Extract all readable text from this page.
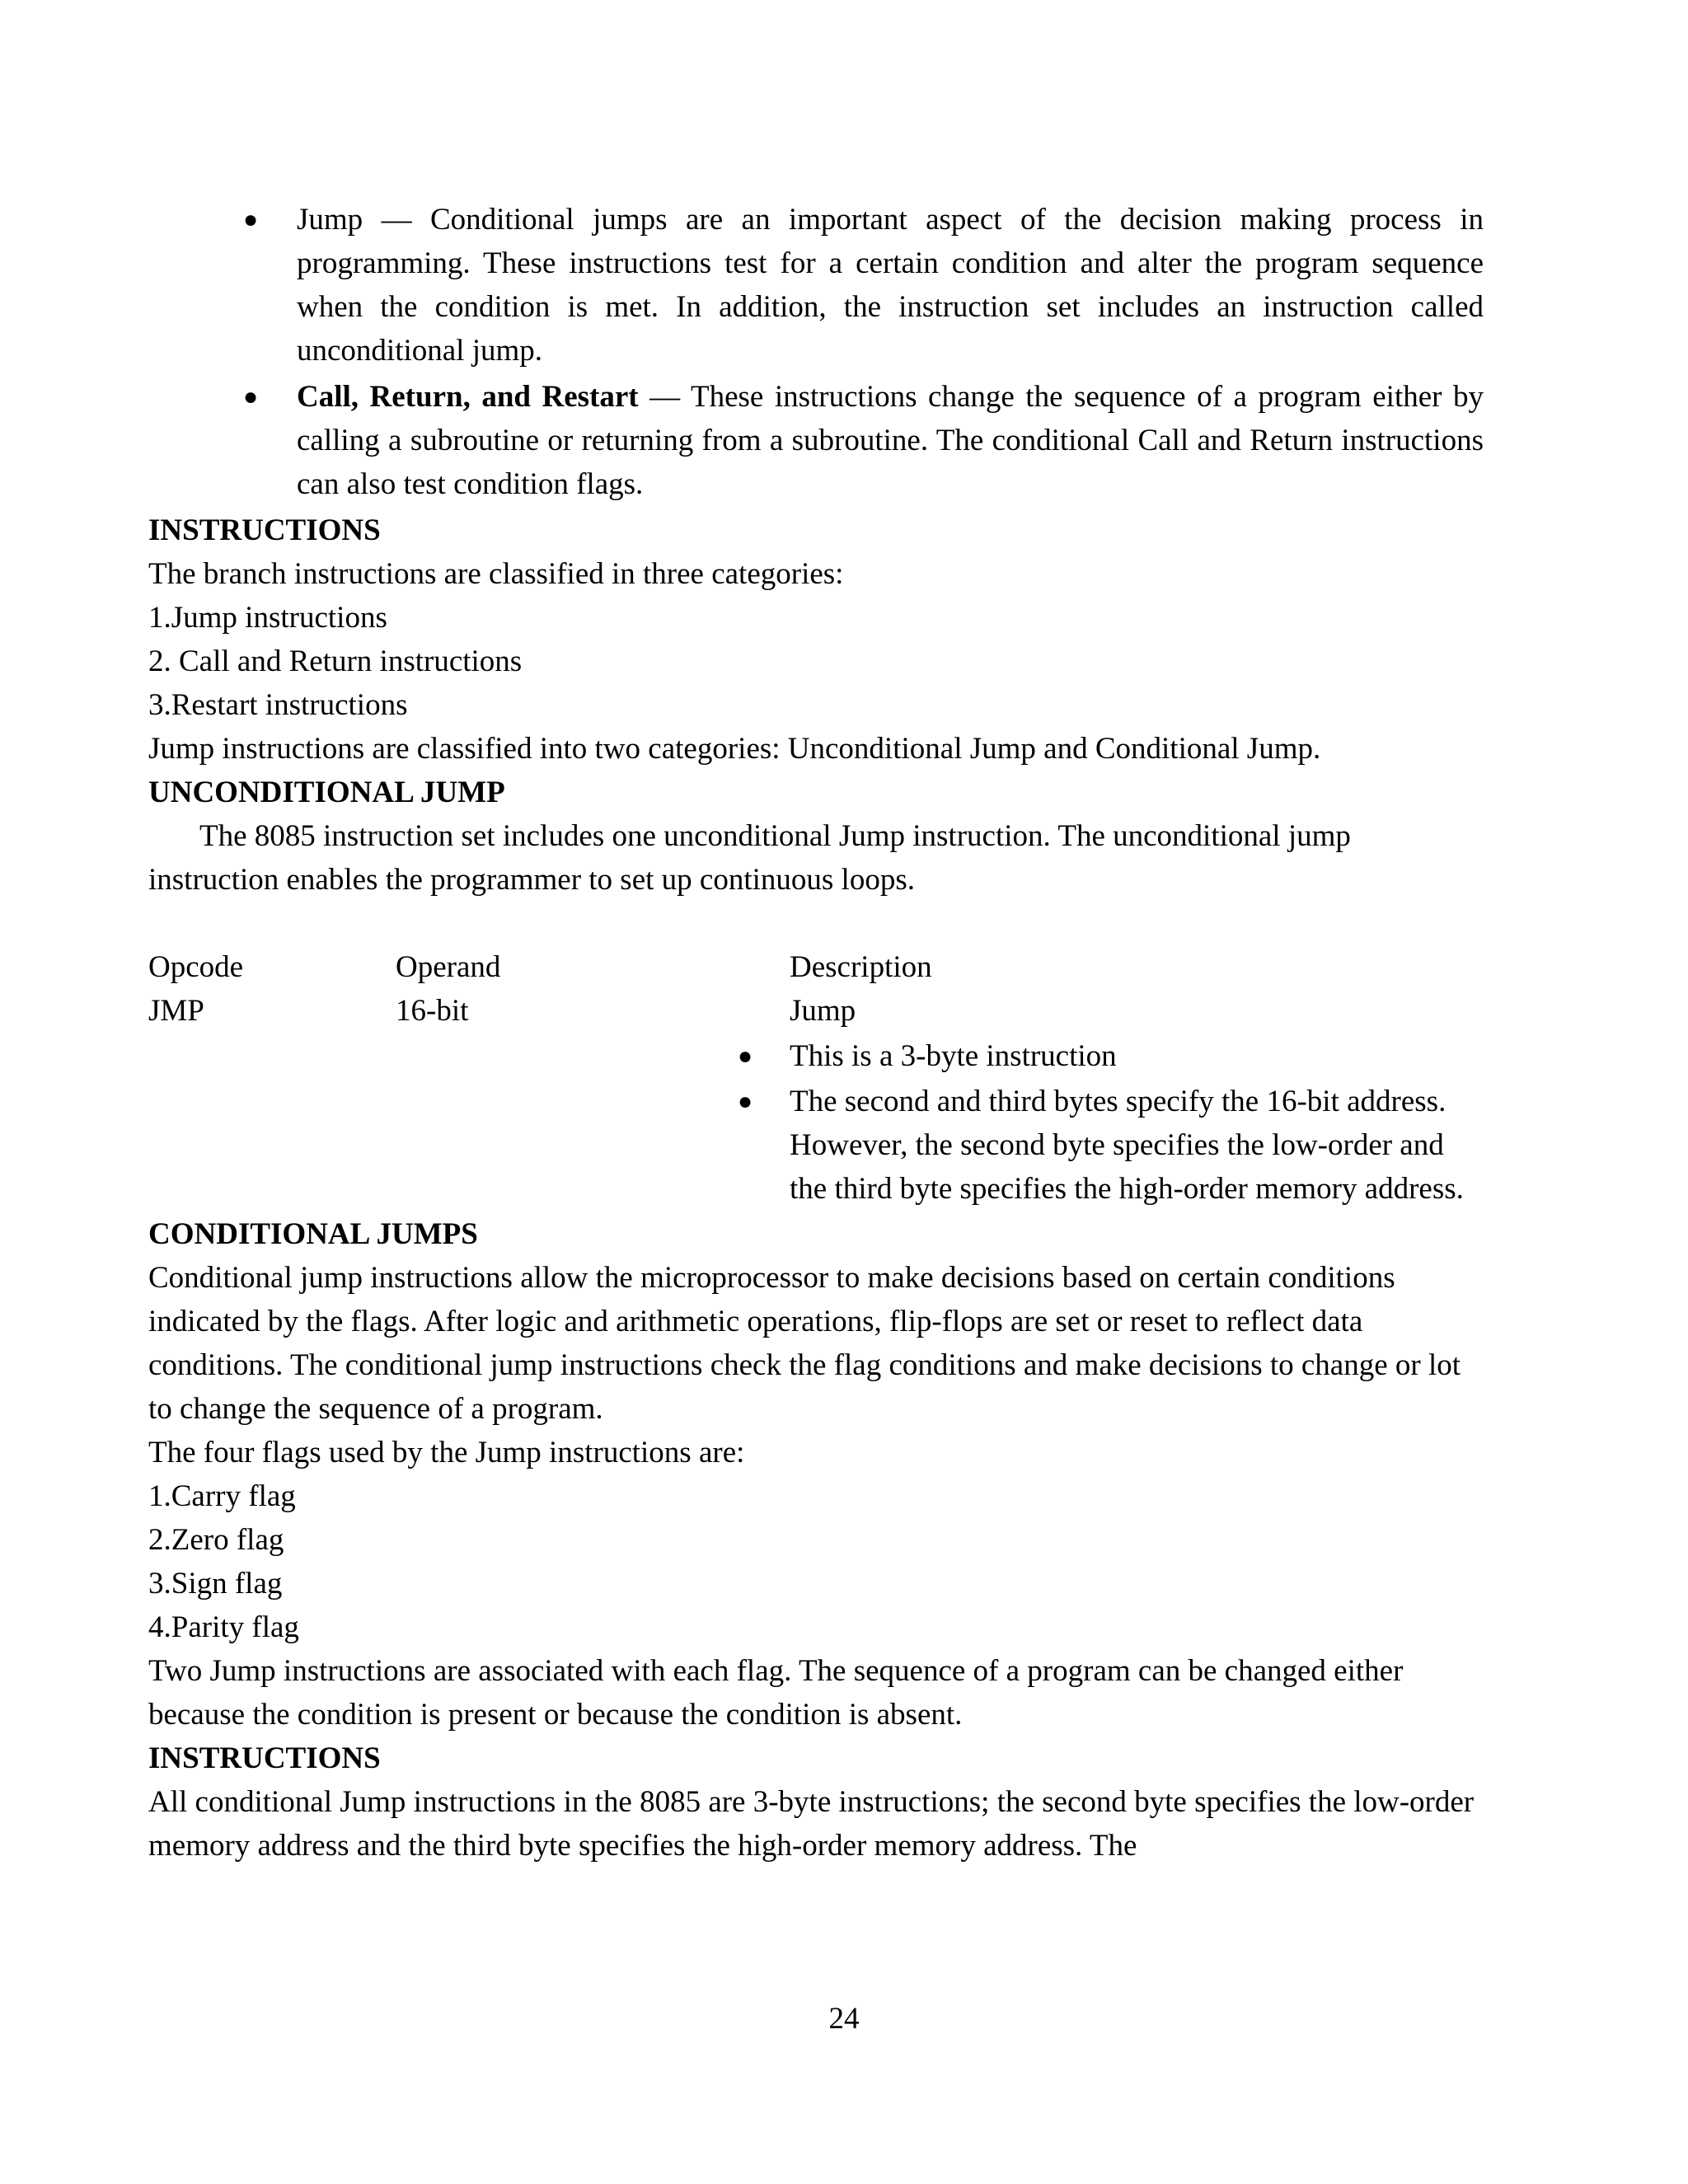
● Jump — Conditional jumps are an important aspect of the decision making process in programming. These instructions test for a certain condition and alter the program sequence when the condition is met. In addition, the instruction set includes an instruction called unconditional jump.
● Call, Return, and Restart — These instructions change the sequence of a program either by calling a subroutine or returning from a subroutine. The conditional Call and Return instructions can also test condition flags.

INSTRUCTIONS

The branch instructions are classified in three categories:

1.Jump instructions

2. Call and Return instructions

3.Restart instructions

Jump instructions are classified into two categories: Unconditional Jump and Conditional Jump.

UNCONDITIONAL JUMP

The 8085 instruction set includes one unconditional Jump instruction. The unconditional jump instruction enables the programmer to set up continuous loops.

Opcode	Operand	Description
JMP	16-bit	Jump
● This is a 3-byte instruction
● The second and third bytes specify the 16-bit address. However, the second byte specifies the low-order and the third byte specifies the high-order memory address.

CONDITIONAL JUMPS

Conditional jump instructions allow the microprocessor to make decisions based on certain conditions indicated by the flags. After logic and arithmetic operations, flip-flops are set or reset to reflect data conditions. The conditional jump instructions check the flag conditions and make decisions to change or lot to change the sequence of a program.

The four flags used by the Jump instructions are:

1.Carry flag

2.Zero flag

3.Sign flag

4.Parity flag

Two Jump instructions are associated with each flag. The sequence of a program can be changed either because the condition is present or because the condition is absent.

INSTRUCTIONS

All conditional Jump instructions in the 8085 are 3-byte instructions; the second byte specifies the low-order memory address and the third byte specifies the high-order memory address. The

24
